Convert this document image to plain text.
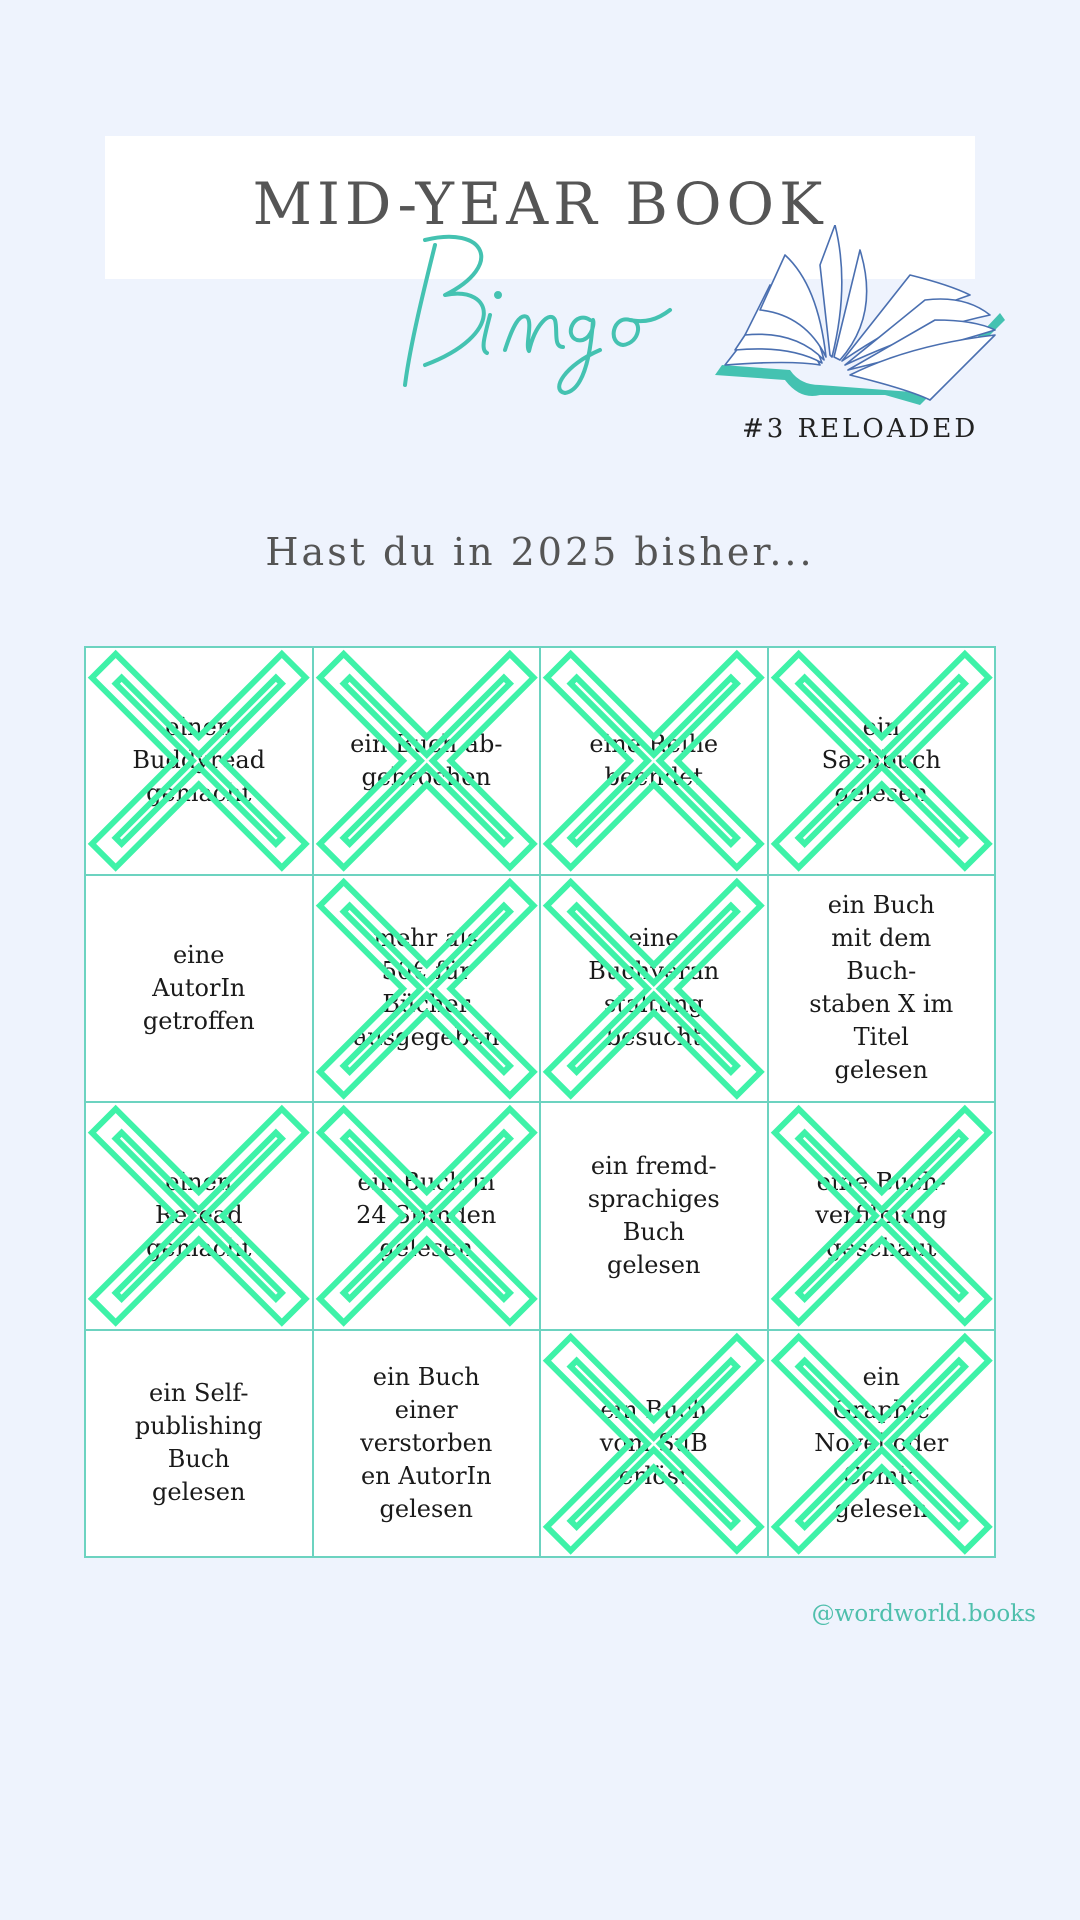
MID-YEAR BOOK
#3 RELOADED
Hast du in 2025 bisher...
einen
Buddyread
gemacht
ein Buch ab-
gebrochen
eine Reihe
beendet
ein
Sachbuch
gelesen
eine
AutorIn
getroffen
mehr als
50€ für
Bücher
ausgegeben
eine
Buchveran
staltung
besucht
ein Buch
mit dem
Buch-
staben X im
Titel
gelesen
einen
Reread
gemacht
ein Buch in
24 Stunden
gelesen
ein fremd-
sprachiges
Buch
gelesen
eine Buch-
verfilmung
geschaut
ein Self-
publishing
Buch
gelesen
ein Buch
einer
verstorben
en AutorIn
gelesen
ein Buch
vom SuB
erlöst
ein
Graphic
Novel oder
Comic
gelesen
@wordworld.books
